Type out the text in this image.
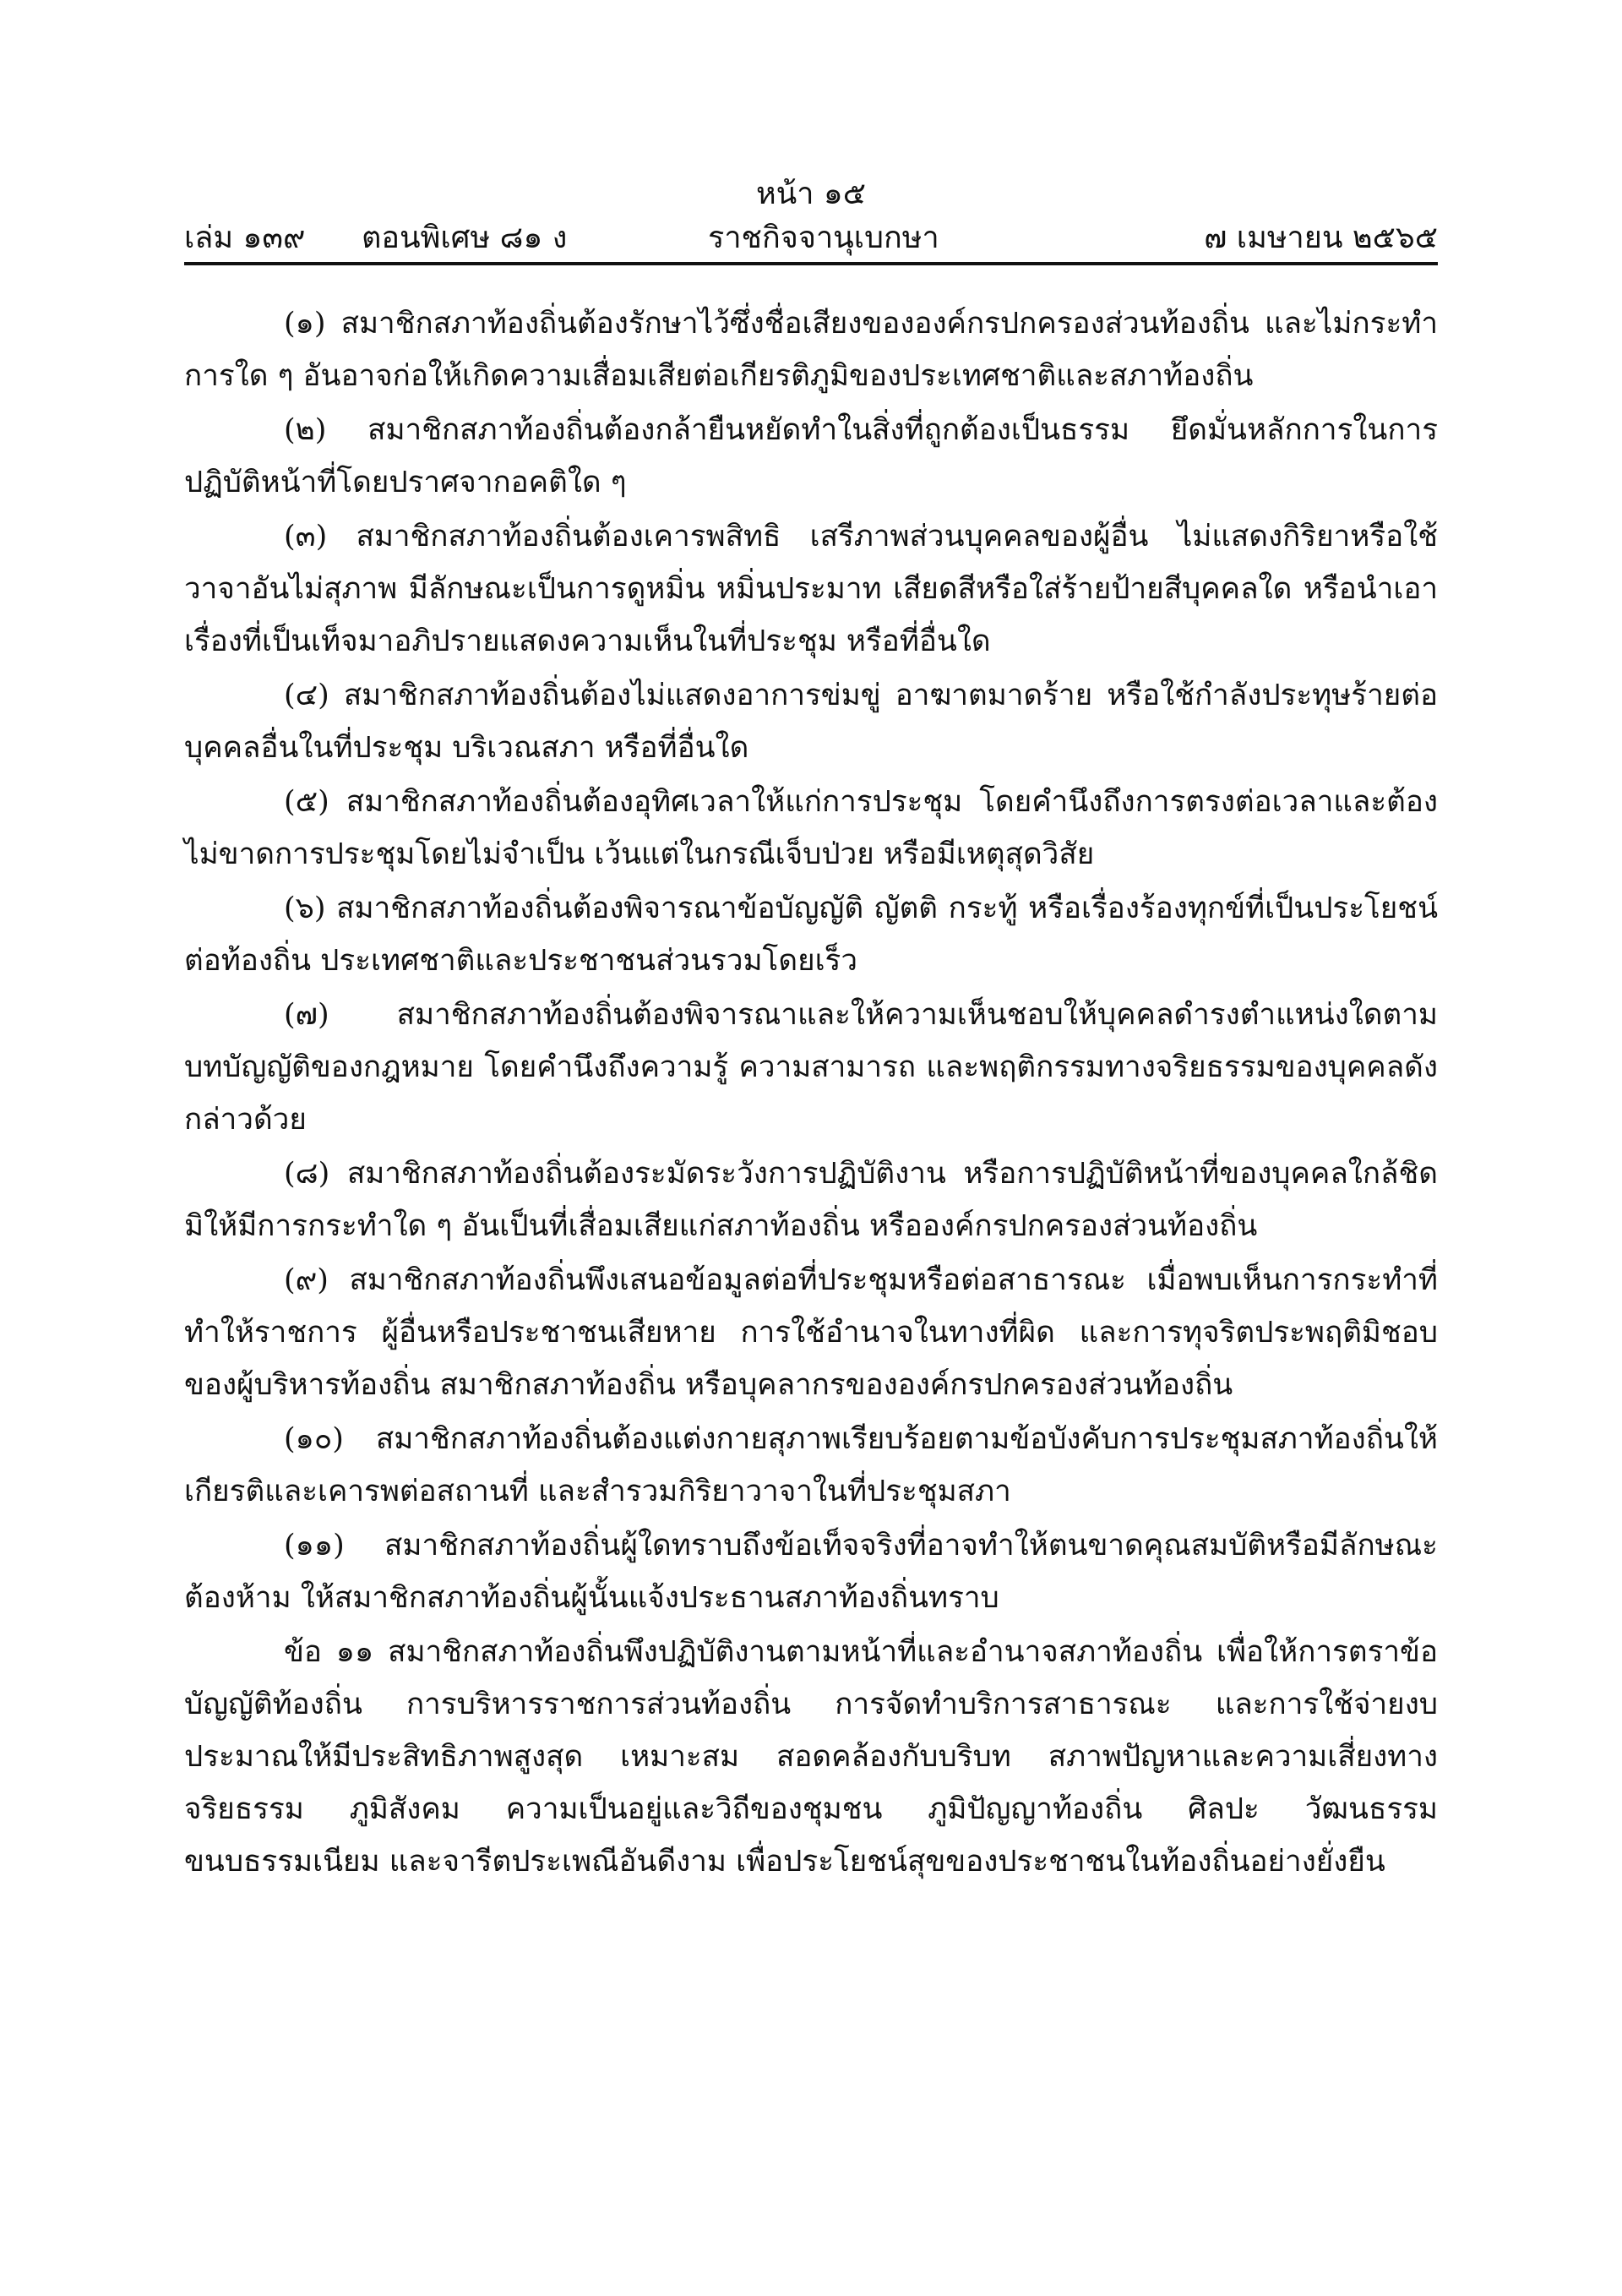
หน้า ๑๕
เล่ม ๑๓๙ ตอนพิเศษ ๘๑ ง	ราชกิจจานุเบกษา	๗ เมษายน ๒๕๖๕

(๑) สมาชิกสภาท้องถิ่นต้องรักษาไว้ซึ่งชื่อเสียงขององค์กรปกครองส่วนท้องถิ่น และไม่กระทำการใด ๆ อันอาจก่อให้เกิดความเสื่อมเสียต่อเกียรติภูมิของประเทศชาติและสภาท้องถิ่น

(๒) สมาชิกสภาท้องถิ่นต้องกล้ายืนหยัดทำในสิ่งที่ถูกต้องเป็นธรรม ยึดมั่นหลักการในการปฏิบัติหน้าที่โดยปราศจากอคติใด ๆ

(๓) สมาชิกสภาท้องถิ่นต้องเคารพสิทธิ เสรีภาพส่วนบุคคลของผู้อื่น ไม่แสดงกิริยาหรือใช้วาจาอันไม่สุภาพ มีลักษณะเป็นการดูหมิ่น หมิ่นประมาท เสียดสีหรือใส่ร้ายป้ายสีบุคคลใด หรือนำเอาเรื่องที่เป็นเท็จมาอภิปรายแสดงความเห็นในที่ประชุม หรือที่อื่นใด

(๔) สมาชิกสภาท้องถิ่นต้องไม่แสดงอาการข่มขู่ อาฆาตมาดร้าย หรือใช้กำลังประทุษร้ายต่อบุคคลอื่นในที่ประชุม บริเวณสภา หรือที่อื่นใด

(๕) สมาชิกสภาท้องถิ่นต้องอุทิศเวลาให้แก่การประชุม โดยคำนึงถึงการตรงต่อเวลาและต้องไม่ขาดการประชุมโดยไม่จำเป็น เว้นแต่ในกรณีเจ็บป่วย หรือมีเหตุสุดวิสัย

(๖) สมาชิกสภาท้องถิ่นต้องพิจารณาข้อบัญญัติ ญัตติ กระทู้ หรือเรื่องร้องทุกข์ที่เป็นประโยชน์ต่อท้องถิ่น ประเทศชาติและประชาชนส่วนรวมโดยเร็ว

(๗) สมาชิกสภาท้องถิ่นต้องพิจารณาและให้ความเห็นชอบให้บุคคลดำรงตำแหน่งใดตามบทบัญญัติของกฎหมาย โดยคำนึงถึงความรู้ ความสามารถ และพฤติกรรมทางจริยธรรมของบุคคลดังกล่าวด้วย

(๘) สมาชิกสภาท้องถิ่นต้องระมัดระวังการปฏิบัติงาน หรือการปฏิบัติหน้าที่ของบุคคลใกล้ชิดมิให้มีการกระทำใด ๆ อันเป็นที่เสื่อมเสียแก่สภาท้องถิ่น หรือองค์กรปกครองส่วนท้องถิ่น

(๙) สมาชิกสภาท้องถิ่นพึงเสนอข้อมูลต่อที่ประชุมหรือต่อสาธารณะ เมื่อพบเห็นการกระทำที่ทำให้ราชการ ผู้อื่นหรือประชาชนเสียหาย การใช้อำนาจในทางที่ผิด และการทุจริตประพฤติมิชอบของผู้บริหารท้องถิ่น สมาชิกสภาท้องถิ่น หรือบุคลากรขององค์กรปกครองส่วนท้องถิ่น

(๑๐) สมาชิกสภาท้องถิ่นต้องแต่งกายสุภาพเรียบร้อยตามข้อบังคับการประชุมสภาท้องถิ่นให้เกียรติและเคารพต่อสถานที่ และสำรวมกิริยาวาจาในที่ประชุมสภา

(๑๑) สมาชิกสภาท้องถิ่นผู้ใดทราบถึงข้อเท็จจริงที่อาจทำให้ตนขาดคุณสมบัติหรือมีลักษณะต้องห้าม ให้สมาชิกสภาท้องถิ่นผู้นั้นแจ้งประธานสภาท้องถิ่นทราบ

ข้อ ๑๑ สมาชิกสภาท้องถิ่นพึงปฏิบัติงานตามหน้าที่และอำนาจสภาท้องถิ่น เพื่อให้การตราข้อบัญญัติท้องถิ่น การบริหารราชการส่วนท้องถิ่น การจัดทำบริการสาธารณะ และการใช้จ่ายงบประมาณให้มีประสิทธิภาพสูงสุด เหมาะสม สอดคล้องกับบริบท สภาพปัญหาและความเสี่ยงทางจริยธรรม ภูมิสังคม ความเป็นอยู่และวิถีของชุมชน ภูมิปัญญาท้องถิ่น ศิลปะ วัฒนธรรมขนบธรรมเนียม และจารีตประเพณีอันดีงาม เพื่อประโยชน์สุขของประชาชนในท้องถิ่นอย่างยั่งยืน
